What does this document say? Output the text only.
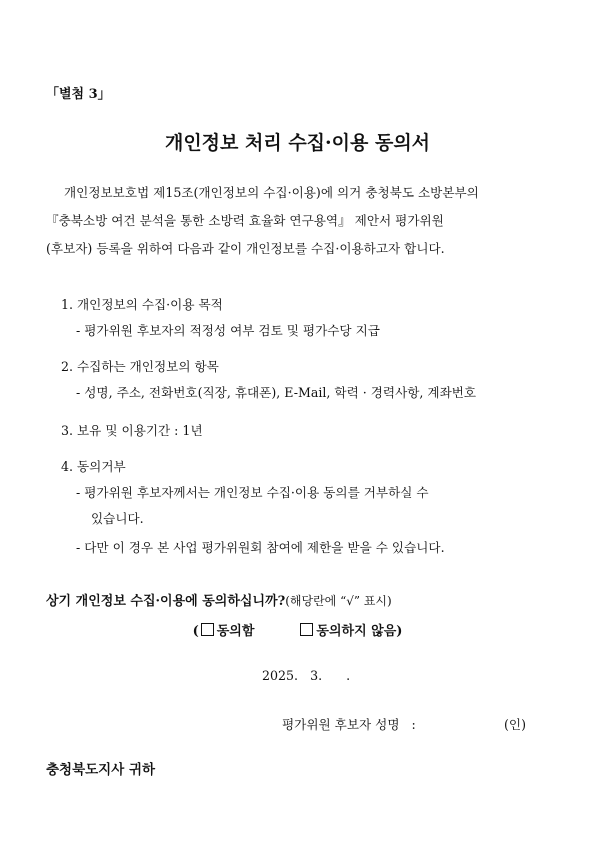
「별첨 3」
개인정보 처리 수집·이용 동의서
개인정보보호법 제15조(개인정보의 수집·이용)에 의거 충청북도 소방본부의
『충북소방 여건 분석을 통한 소방력 효율화 연구용역』 제안서 평가위원
(후보자) 등록을 위하여 다음과 같이 개인정보를 수집·이용하고자 합니다.
1. 개인정보의 수집·이용 목적
- 평가위원 후보자의 적정성 여부 검토 및 평가수당 지급
2. 수집하는 개인정보의 항목
- 성명, 주소, 전화번호(직장, 휴대폰), E-Mail, 학력 · 경력사항, 계좌번호
3. 보유 및 이용기간 : 1년
4. 동의거부
- 평가위원 후보자께서는 개인정보 수집·이용 동의를 거부하실 수
있습니다.
- 다만 이 경우 본 사업 평가위원회 참여에 제한을 받을 수 있습니다.
상기 개인정보 수집·이용에 동의하십니까?(해당란에 “√” 표시)
( 동의함	동의하지 않음)
2025.   3.      .
평가위원 후보자 성명   :	(인)
충청북도지사 귀하
